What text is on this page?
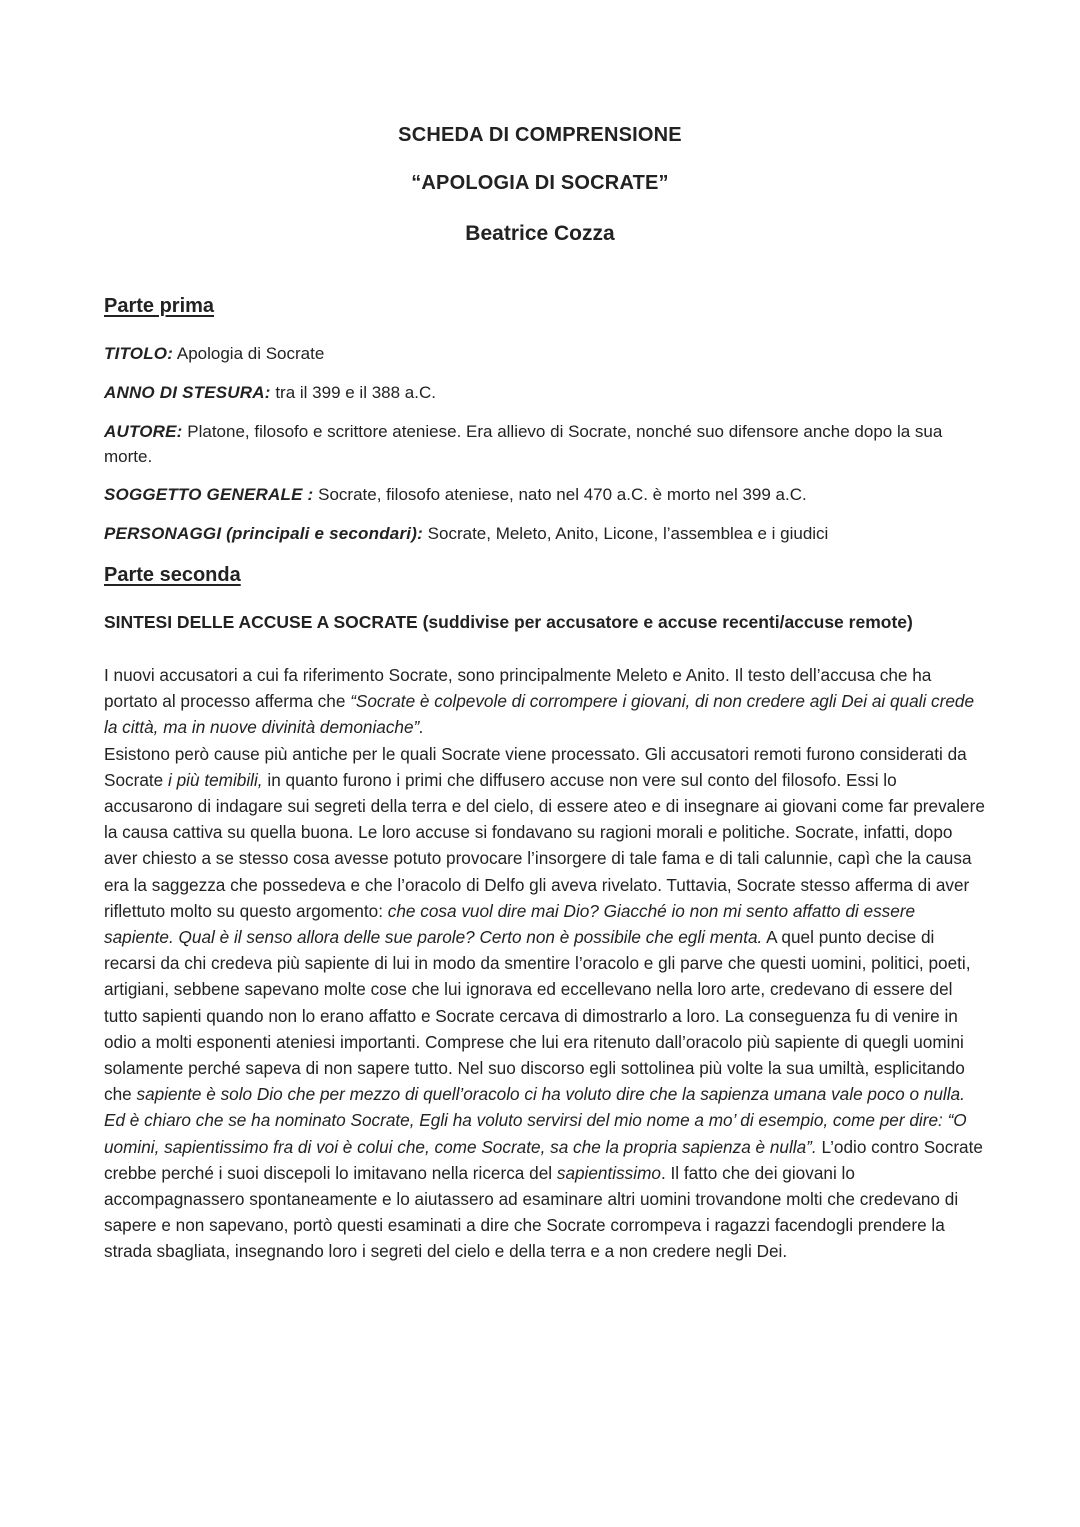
SCHEDA DI COMPRENSIONE
“APOLOGIA DI SOCRATE”
Beatrice Cozza
Parte prima
TITOLO: Apologia di Socrate
ANNO DI STESURA: tra il 399 e il 388 a.C.
AUTORE: Platone, filosofo e scrittore ateniese. Era allievo di Socrate, nonché suo difensore anche dopo la sua morte.
SOGGETTO GENERALE : Socrate, filosofo ateniese, nato nel 470 a.C. è morto nel 399 a.C.
PERSONAGGI (principali e secondari): Socrate, Meleto, Anito, Licone, l’assemblea e i giudici
Parte seconda
SINTESI DELLE ACCUSE A SOCRATE (suddivise per accusatore e accuse recenti/accuse remote)

I nuovi accusatori a cui fa riferimento Socrate, sono principalmente Meleto e Anito. Il testo dell’accusa che ha portato al processo afferma che “Socrate è colpevole di corrompere i giovani, di non credere agli Dei ai quali crede la città, ma in nuove divinità demoniache”.

Esistono però cause più antiche per le quali Socrate viene processato. Gli accusatori remoti furono considerati da Socrate i più temibili, in quanto furono i primi che diffusero accuse non vere sul conto del filosofo. Essi lo accusarono di indagare sui segreti della terra e del cielo, di essere ateo e di insegnare ai giovani come far prevalere la causa cattiva su quella buona. Le loro accuse si fondavano su ragioni morali e politiche. Socrate, infatti, dopo aver chiesto a se stesso cosa avesse potuto provocare l’insorgere di tale fama e di tali calunnie, capì che la causa era la saggezza che possedeva e che l’oracolo di Delfo gli aveva rivelato. Tuttavia, Socrate stesso afferma di aver riflettuto molto su questo argomento: che cosa vuol dire mai Dio? Giacché io non mi sento affatto di essere sapiente. Qual è il senso allora delle sue parole? Certo non è possibile che egli menta. A quel punto decise di recarsi da chi credeva più sapiente di lui in modo da smentire l’oracolo e gli parve che questi uomini, politici, poeti, artigiani, sebbene sapevano molte cose che lui ignorava ed eccellevano nella loro arte, credevano di essere del tutto sapienti quando non lo erano affatto e Socrate cercava di dimostrarlo a loro. La conseguenza fu di venire in odio a molti esponenti ateniesi importanti. Comprese che lui era ritenuto dall’oracolo più sapiente di quegli uomini solamente perché sapeva di non sapere tutto. Nel suo discorso egli sottolinea più volte la sua umiltà, esplicitando che sapiente è solo Dio che per mezzo di quell’oracolo ci ha voluto dire che la sapienza umana vale poco o nulla. Ed è chiaro che se ha nominato Socrate, Egli ha voluto servirsi del mio nome a mo’ di esempio, come per dire: “O uomini, sapientissimo fra di voi è colui che, come Socrate, sa che la propria sapienza è nulla”. L’odio contro Socrate crebbe perché i suoi discepoli lo imitavano nella ricerca del sapientissimo. Il fatto che dei giovani lo accompagnassero spontaneamente e lo aiutassero ad esaminare altri uomini trovandone molti che credevano di sapere e non sapevano, portò questi esaminati a dire che Socrate corrompeva i ragazzi facendogli prendere la strada sbagliata, insegnando loro i segreti del cielo e della terra e a non credere negli Dei.
